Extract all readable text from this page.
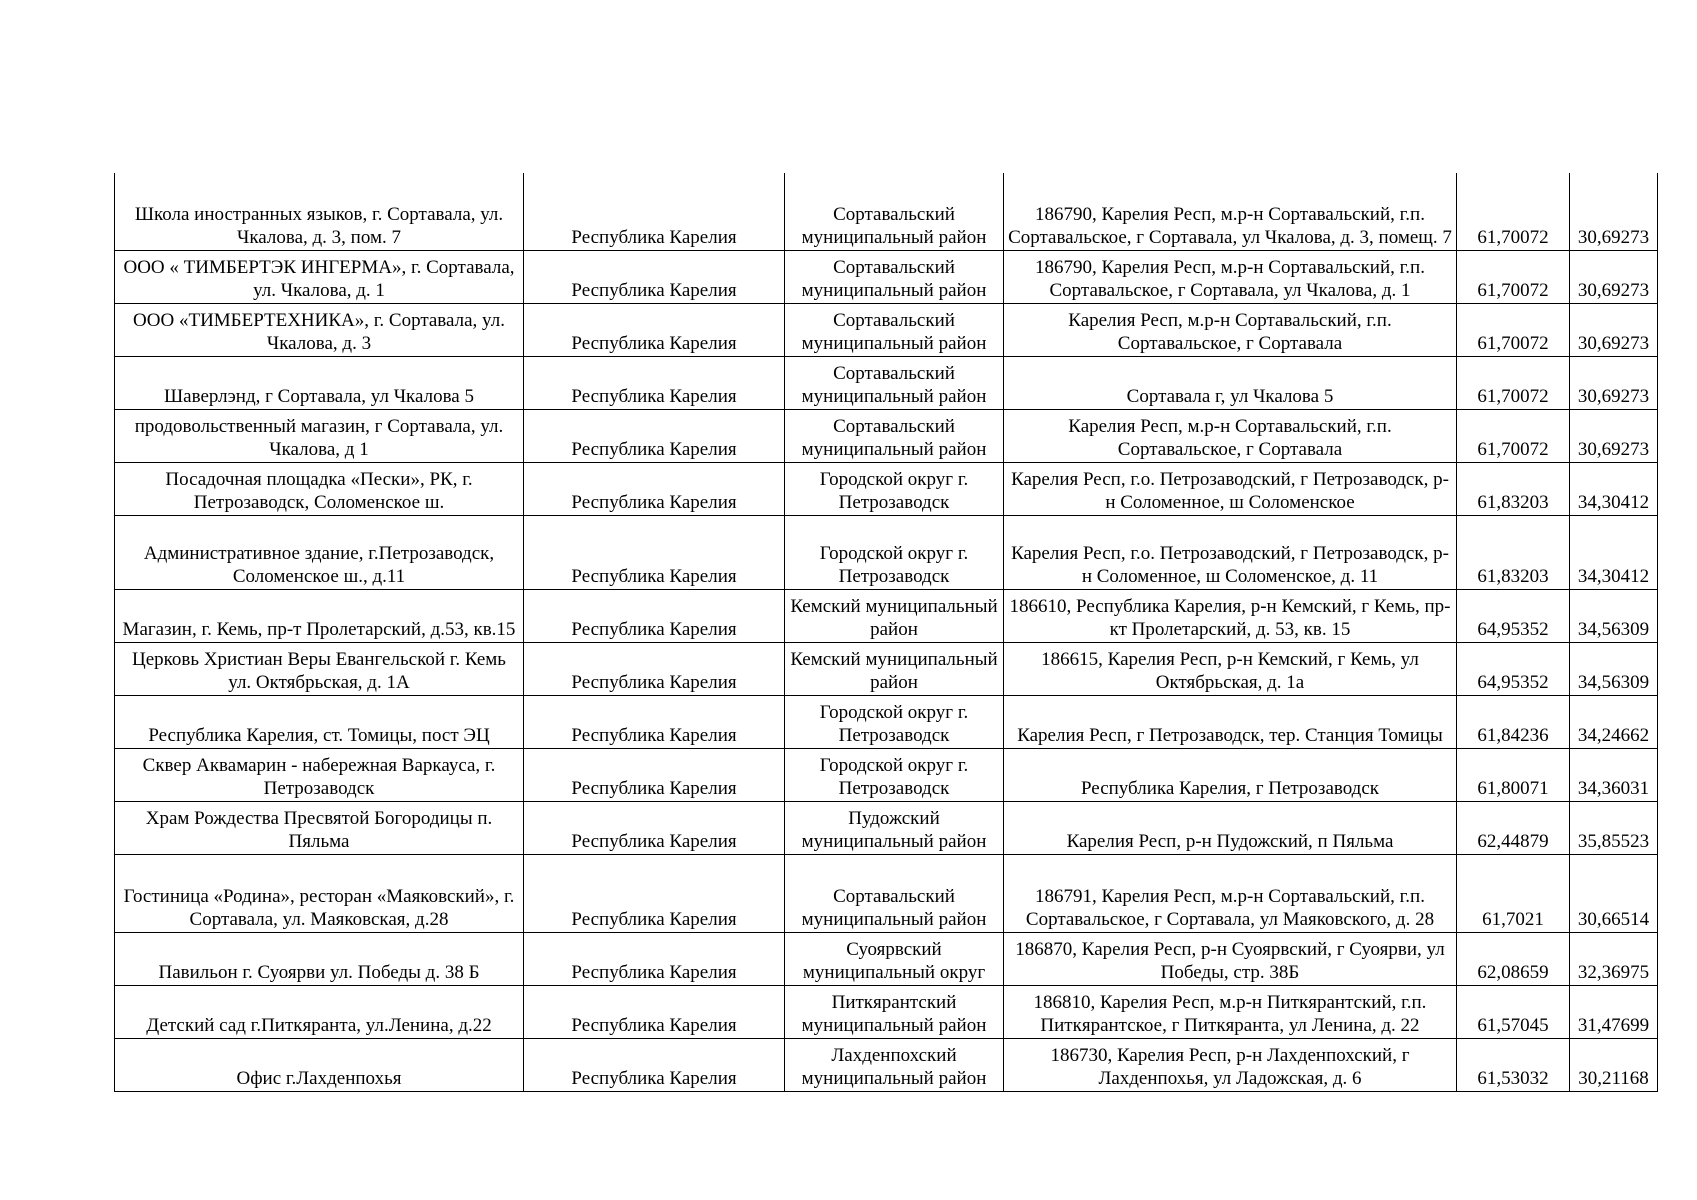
Школа иностранных языков, г. Сортавала, ул. Чкалова, д. 3, пом. 7	Республика Карелия	Сортавальский муниципальный район	186790, Карелия Респ, м.р-н Сортавальский, г.п. Сортавальское, г Сортавала, ул Чкалова, д. 3, помещ. 7	61,70072	30,69273
ООО « ТИМБЕРТЭК ИНГЕРМА», г. Сортавала, ул. Чкалова, д. 1	Республика Карелия	Сортавальский муниципальный район	186790, Карелия Респ, м.р-н Сортавальский, г.п. Сортавальское, г Сортавала, ул Чкалова, д. 1	61,70072	30,69273
ООО «ТИМБЕРТЕХНИКА», г. Сортавала, ул. Чкалова, д. 3	Республика Карелия	Сортавальский муниципальный район	Карелия Респ, м.р-н Сортавальский, г.п. Сортавальское, г Сортавала	61,70072	30,69273
Шаверлэнд, г Сортавала, ул Чкалова 5	Республика Карелия	Сортавальский муниципальный район	Сортавала г, ул Чкалова 5	61,70072	30,69273
продовольственный магазин, г Сортавала, ул. Чкалова, д 1	Республика Карелия	Сортавальский муниципальный район	Карелия Респ, м.р-н Сортавальский, г.п. Сортавальское, г Сортавала	61,70072	30,69273
Посадочная площадка «Пески», РК, г. Петрозаводск, Соломенское ш.	Республика Карелия	Городской округ г. Петрозаводск	Карелия Респ, г.о. Петрозаводский, г Петрозаводск, р-н Соломенное, ш Соломенское	61,83203	34,30412
Административное здание, г.Петрозаводск, Соломенское ш., д.11	Республика Карелия	Городской округ г. Петрозаводск	Карелия Респ, г.о. Петрозаводский, г Петрозаводск, р-н Соломенное, ш Соломенское, д. 11	61,83203	34,30412
Магазин, г. Кемь, пр-т Пролетарский, д.53, кв.15	Республика Карелия	Кемский муниципальный район	186610, Республика Карелия, р-н Кемский, г Кемь, пр-кт Пролетарский, д. 53, кв. 15	64,95352	34,56309
Церковь Христиан Веры Евангельской г. Кемь ул. Октябрьская, д. 1А	Республика Карелия	Кемский муниципальный район	186615, Карелия Респ, р-н Кемский, г Кемь, ул Октябрьская, д. 1а	64,95352	34,56309
Республика Карелия, ст. Томицы, пост ЭЦ	Республика Карелия	Городской округ г. Петрозаводск	Карелия Респ, г Петрозаводск, тер. Станция Томицы	61,84236	34,24662
Сквер Аквамарин - набережная Варкауса, г. Петрозаводск	Республика Карелия	Городской округ г. Петрозаводск	Республика Карелия, г Петрозаводск	61,80071	34,36031
Храм Рождества Пресвятой Богородицы п. Пяльма	Республика Карелия	Пудожский муниципальный район	Карелия Респ, р-н Пудожский, п Пяльма	62,44879	35,85523
Гостиница «Родина», ресторан «Маяковский», г. Сортавала, ул. Маяковская, д.28	Республика Карелия	Сортавальский муниципальный район	186791, Карелия Респ, м.р-н Сортавальский, г.п. Сортавальское, г Сортавала, ул Маяковского, д. 28	61,7021	30,66514
Павильон г. Суоярви ул. Победы д. 38 Б	Республика Карелия	Суоярвский муниципальный округ	186870, Карелия Респ, р-н Суоярвский, г Суоярви, ул Победы, стр. 38Б	62,08659	32,36975
Детский сад г.Питкяранта, ул.Ленина, д.22	Республика Карелия	Питкярантский муниципальный район	186810, Карелия Респ, м.р-н Питкярантский, г.п. Питкярантское, г Питкяранта, ул Ленина, д. 22	61,57045	31,47699
Офис г.Лахденпохья	Республика Карелия	Лахденпохский муниципальный район	186730, Карелия Респ, р-н Лахденпохский, г Лахденпохья, ул Ладожская, д. 6	61,53032	30,21168
